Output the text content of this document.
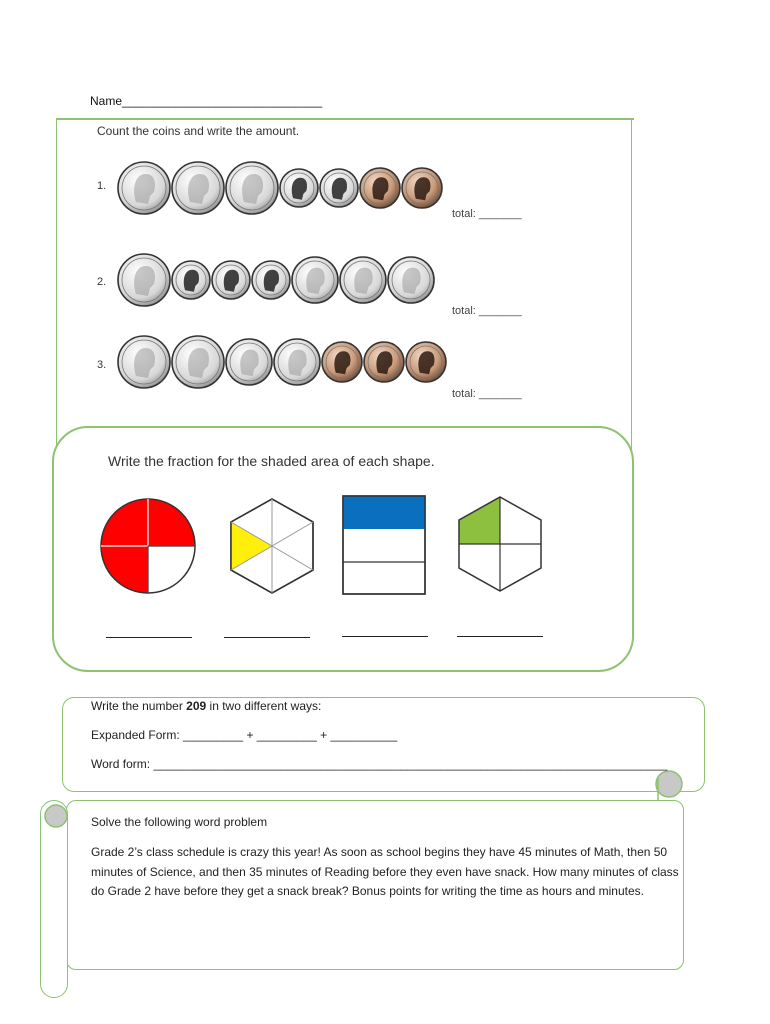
Name______________________________
Count the coins and write the amount.
1.
2.
3.
total: _______
total: _______
total: _______
Write the fraction for the shaded area of each shape.
Write the number 209 in two different ways:
Expanded Form: _________ + _________ + __________
Word form: _____________________________________________________________________________
Solve the following word problem
Grade 2’s class schedule is crazy this year! As soon as school begins they have 45 minutes of Math, then 50 minutes of Science, and then 35 minutes of Reading before they even have snack. How many minutes of class do Grade 2 have before they get a snack break? Bonus points for writing the time as hours and minutes.
